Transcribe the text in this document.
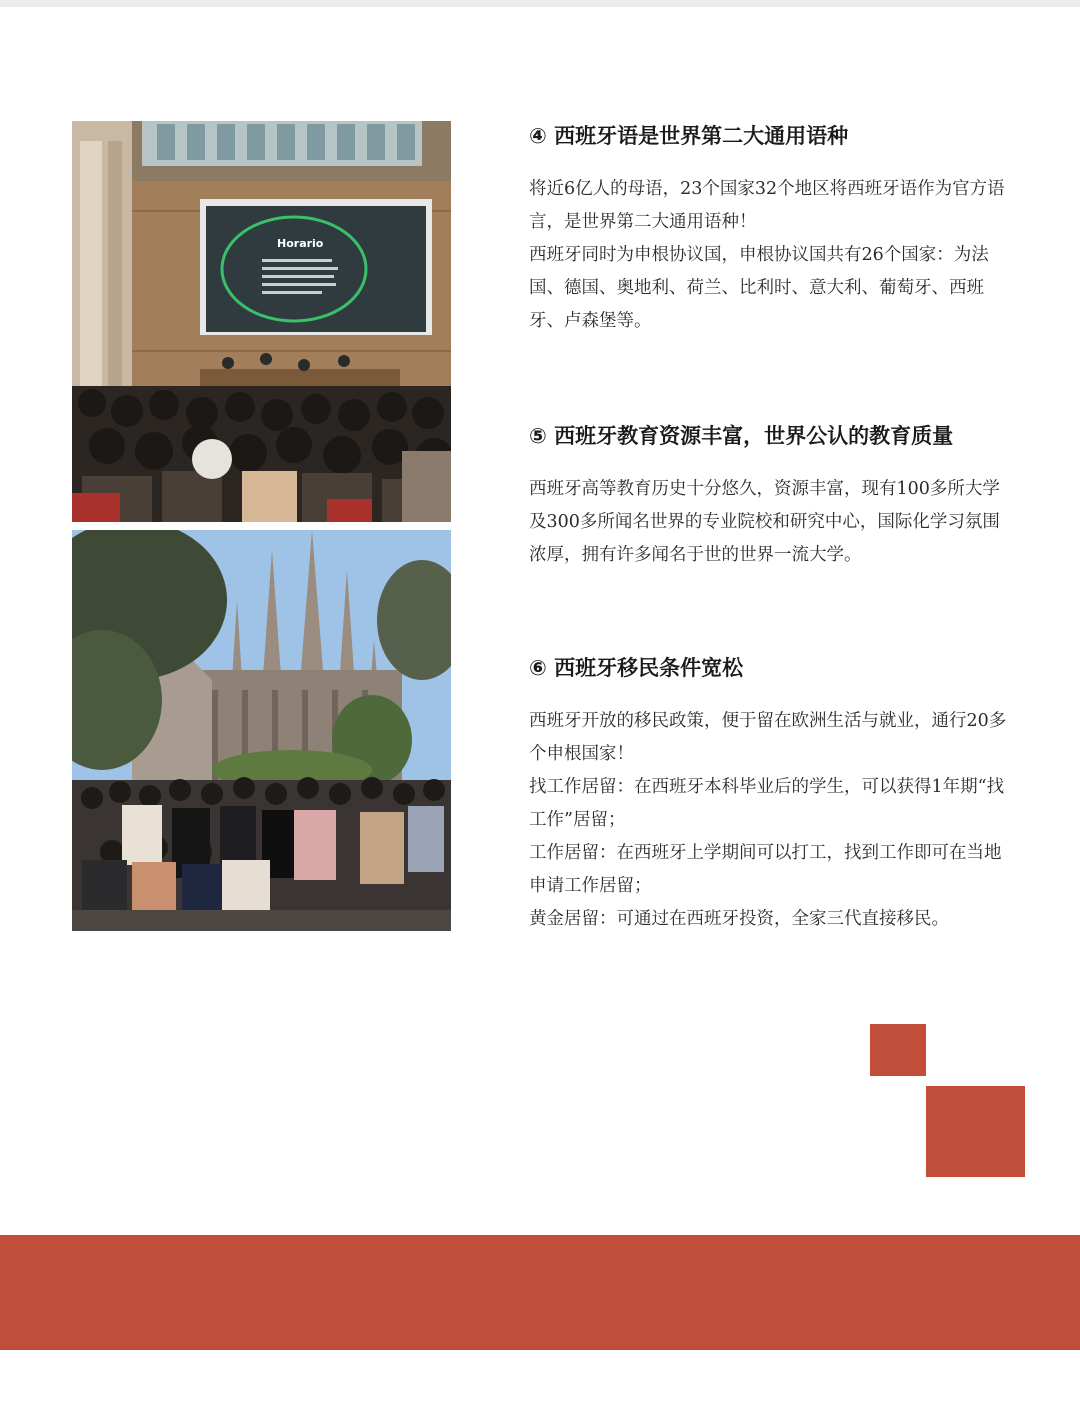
Horario
④ 西班牙语是世界第二大通用语种

将近6亿人的母语，23个国家32个地区将西班牙语作为官方语言，是世界第二大通用语种！

西班牙同时为申根协议国，申根协议国共有26个国家：为法国、德国、奥地利、荷兰、比利时、意大利、葡萄牙、西班牙、卢森堡等。

⑤ 西班牙教育资源丰富，世界公认的教育质量

西班牙高等教育历史十分悠久，资源丰富，现有100多所大学及300多所闻名世界的专业院校和研究中心，国际化学习氛围浓厚，拥有许多闻名于世的世界一流大学。

⑥ 西班牙移民条件宽松

西班牙开放的移民政策，便于留在欧洲生活与就业，通行20多个申根国家！

找工作居留：在西班牙本科毕业后的学生，可以获得1年期“找工作”居留；

工作居留：在西班牙上学期间可以打工，找到工作即可在当地申请工作居留；

黄金居留：可通过在西班牙投资，全家三代直接移民。
